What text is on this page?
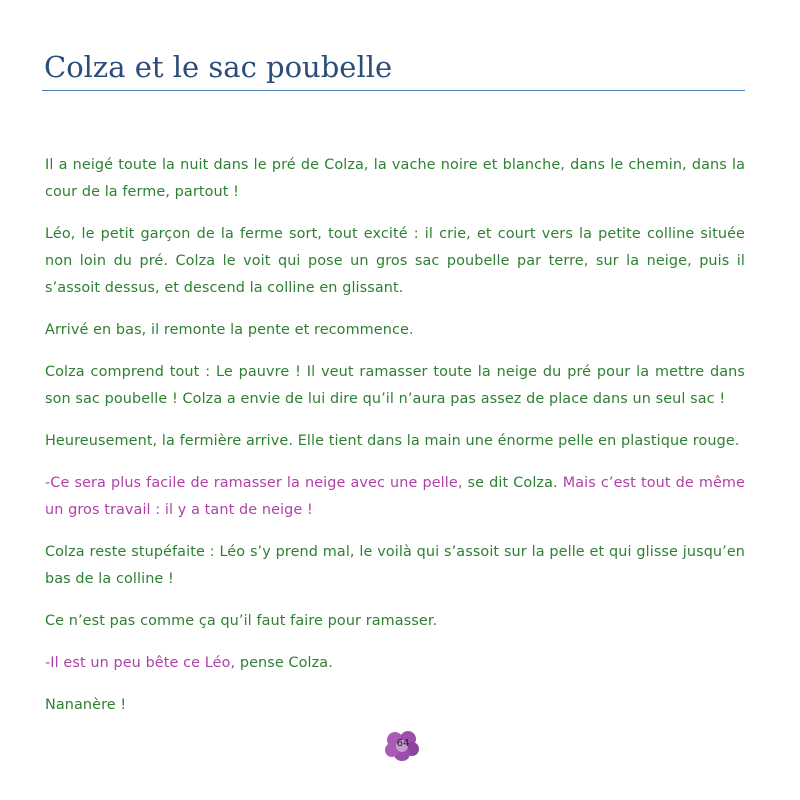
Colza et le sac poubelle

Il a neigé toute la nuit dans le pré de Colza, la vache noire et blanche, dans le chemin, dans la cour de la ferme, partout !

Léo, le petit garçon de la ferme sort, tout excité : il crie, et court vers la petite colline située non loin du pré. Colza le voit qui pose un gros sac poubelle par terre, sur la neige, puis il s’assoit dessus, et descend la colline en glissant.

Arrivé en bas, il remonte la pente et recommence.

Colza comprend tout : Le pauvre ! Il veut ramasser toute la neige du pré pour la mettre dans son sac poubelle ! Colza a envie de lui dire qu’il n’aura pas assez de place dans un seul sac !

Heureusement, la fermière arrive. Elle tient dans la main une énorme pelle en plastique rouge.

-Ce sera plus facile de ramasser la neige avec une pelle, se dit Colza. Mais c’est tout de même un gros travail : il y a tant de neige !

Colza reste stupéfaite : Léo s’y prend mal, le voilà qui s’assoit sur la pelle et qui glisse jusqu’en bas de la colline !

Ce n’est pas comme ça qu’il faut faire pour ramasser.

-Il est un peu bête ce Léo, pense Colza.

Nananère !

64
